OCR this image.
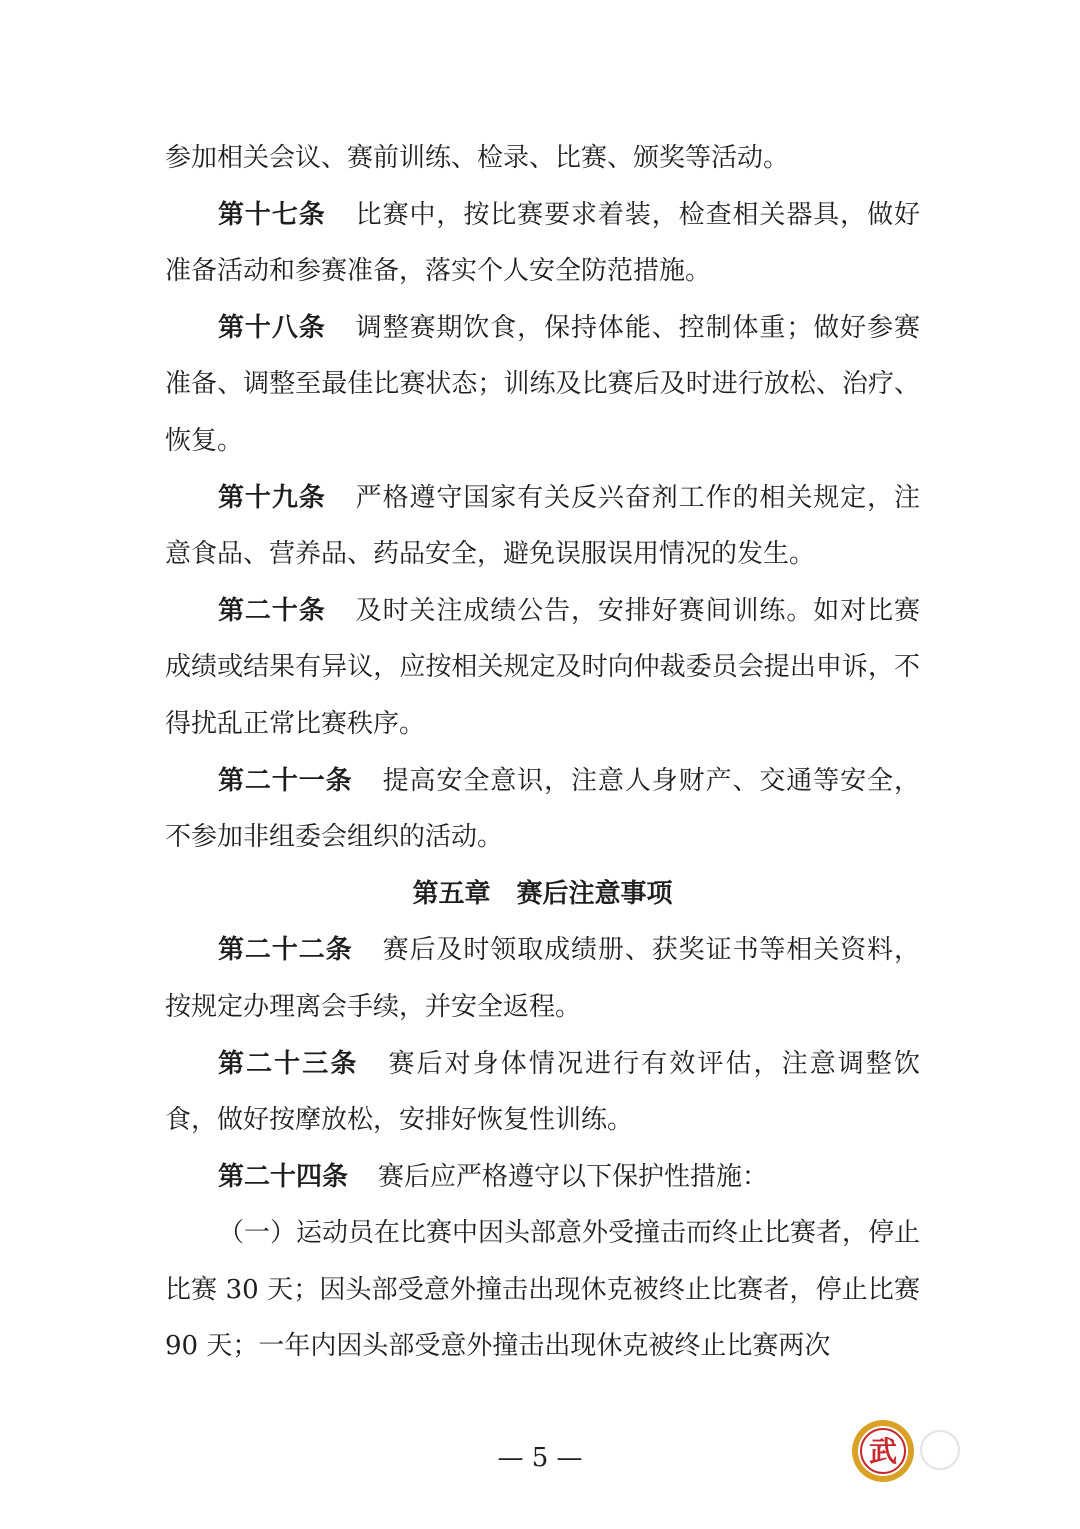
参加相关会议、赛前训练、检录、比赛、颁奖等活动。

第十七条 比赛中，按比赛要求着装，检查相关器具，做好准备活动和参赛准备，落实个人安全防范措施。

第十八条 调整赛期饮食，保持体能、控制体重；做好参赛准备、调整至最佳比赛状态；训练及比赛后及时进行放松、治疗、恢复。

第十九条 严格遵守国家有关反兴奋剂工作的相关规定，注意食品、营养品、药品安全，避免误服误用情况的发生。

第二十条 及时关注成绩公告，安排好赛间训练。如对比赛成绩或结果有异议，应按相关规定及时向仲裁委员会提出申诉，不得扰乱正常比赛秩序。

第二十一条 提高安全意识，注意人身财产、交通等安全，不参加非组委会组织的活动。

第五章 赛后注意事项

第二十二条 赛后及时领取成绩册、获奖证书等相关资料，按规定办理离会手续，并安全返程。

第二十三条 赛后对身体情况进行有效评估，注意调整饮食，做好按摩放松，安排好恢复性训练。

第二十四条 赛后应严格遵守以下保护性措施：

（一）运动员在比赛中因头部意外受撞击而终止比赛者，停止比赛 30 天；因头部受意外撞击出现休克被终止比赛者，停止比赛 90 天；一年内因头部受意外撞击出现休克被终止比赛两次

— 5 —	武
